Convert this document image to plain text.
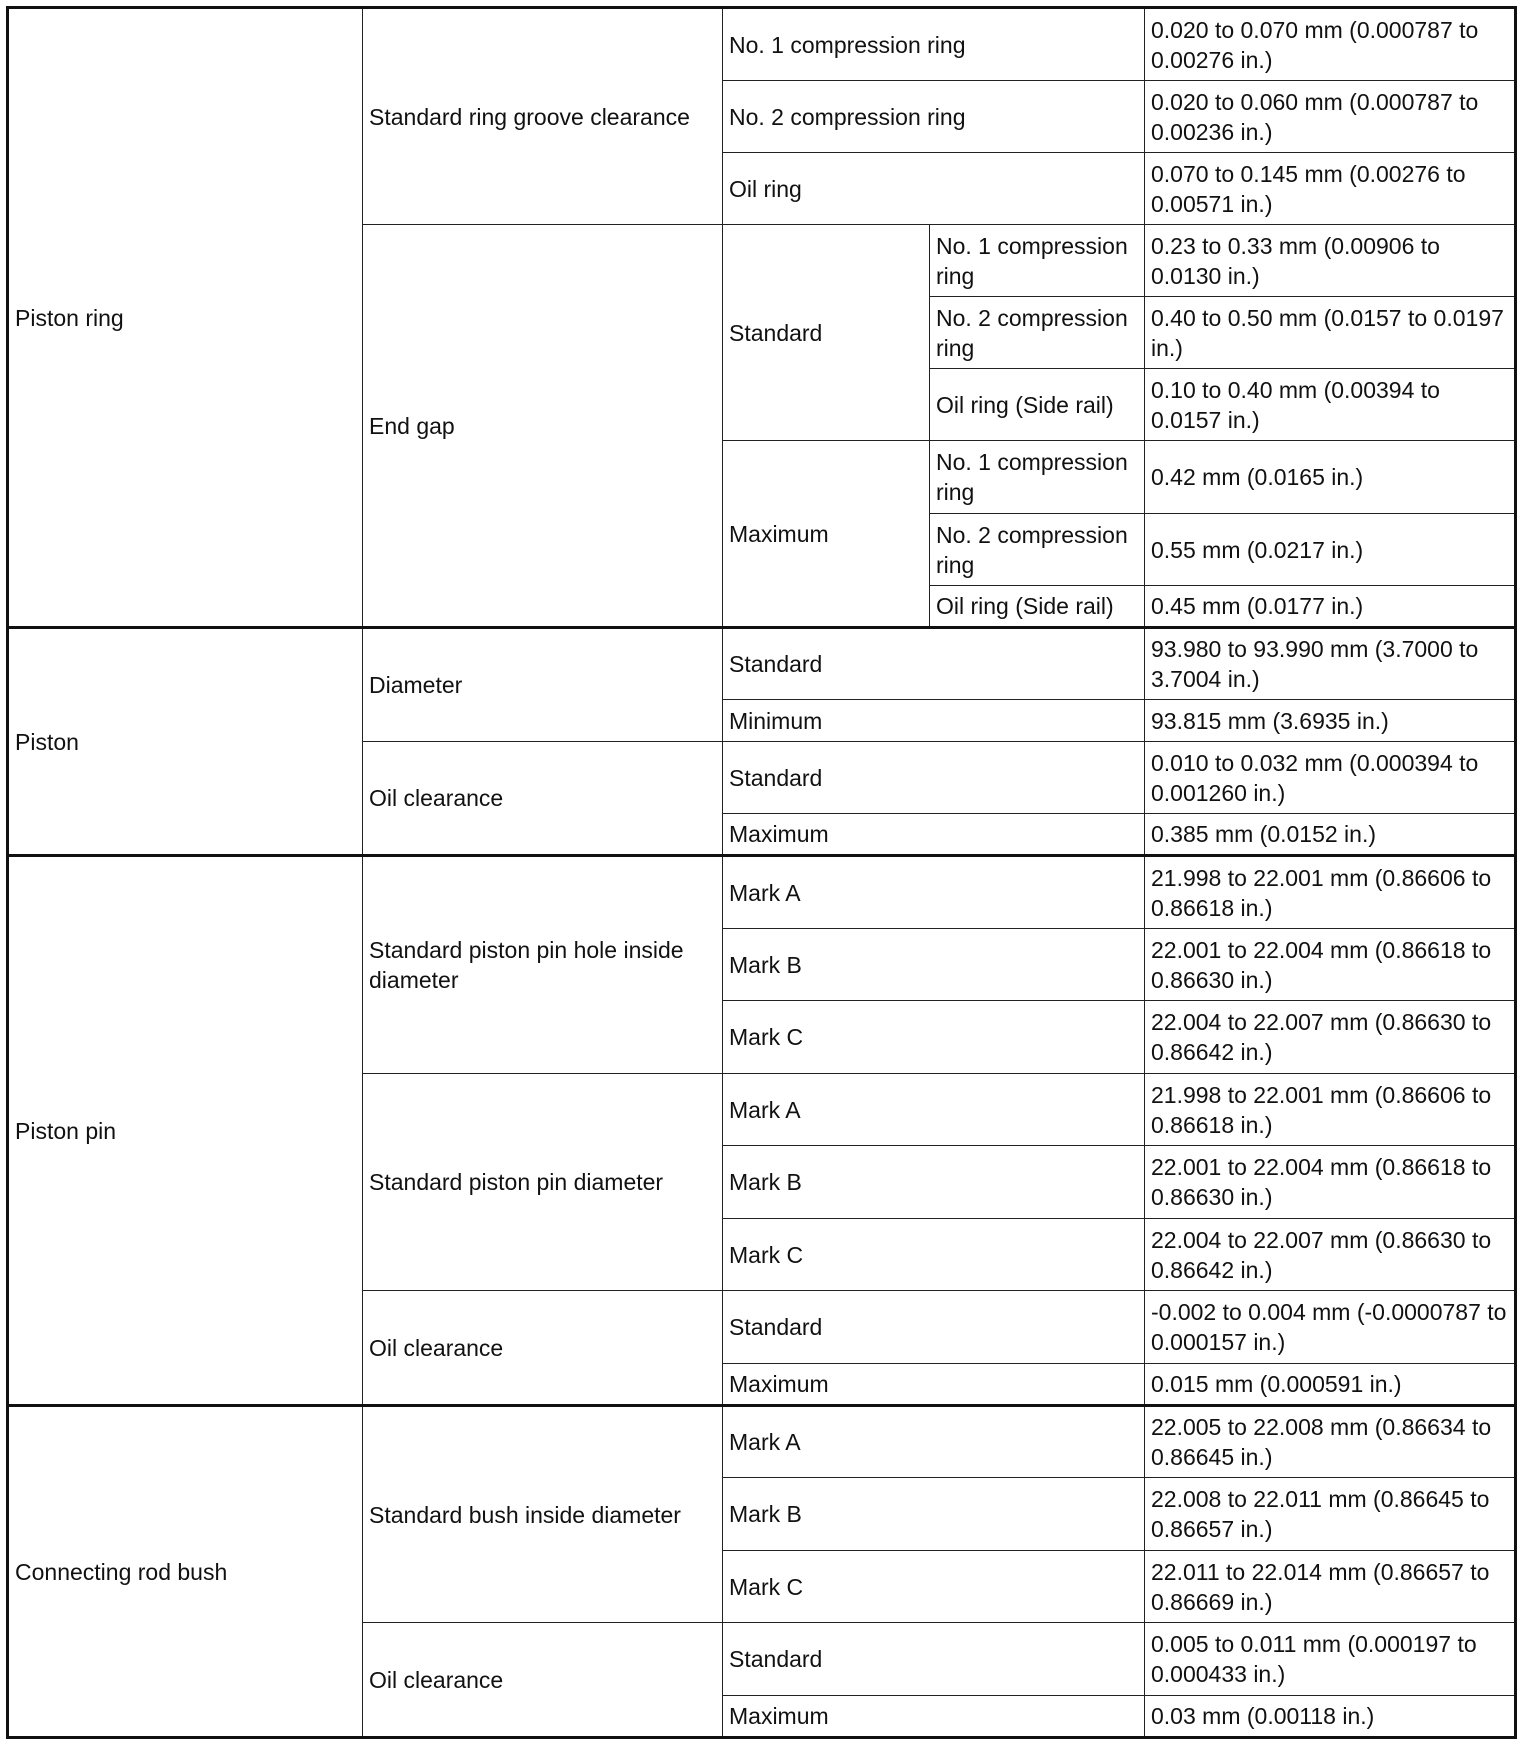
Piston ring	Standard ring groove clearance	No. 1 compression ring		0.020 to 0.070 mm (0.000787 to 0.00276 in.)
		No. 2 compression ring		0.020 to 0.060 mm (0.000787 to 0.00236 in.)
		Oil ring		0.070 to 0.145 mm (0.00276 to 0.00571 in.)
	End gap	Standard	No. 1 compression ring	0.23 to 0.33 mm (0.00906 to 0.0130 in.)
			No. 2 compression ring	0.40 to 0.50 mm (0.0157 to 0.0197 in.)
			Oil ring (Side rail)	0.10 to 0.40 mm (0.00394 to 0.0157 in.)
		Maximum	No. 1 compression ring	0.42 mm (0.0165 in.)
			No. 2 compression ring	0.55 mm (0.0217 in.)
			Oil ring (Side rail)	0.45 mm (0.0177 in.)
Piston	Diameter	Standard		93.980 to 93.990 mm (3.7000 to 3.7004 in.)
		Minimum		93.815 mm (3.6935 in.)
	Oil clearance	Standard		0.010 to 0.032 mm (0.000394 to 0.001260 in.)
		Maximum		0.385 mm (0.0152 in.)
Piston pin	Standard piston pin hole inside diameter	Mark A		21.998 to 22.001 mm (0.86606 to 0.86618 in.)
		Mark B		22.001 to 22.004 mm (0.86618 to 0.86630 in.)
		Mark C		22.004 to 22.007 mm (0.86630 to 0.86642 in.)
	Standard piston pin diameter	Mark A		21.998 to 22.001 mm (0.86606 to 0.86618 in.)
		Mark B		22.001 to 22.004 mm (0.86618 to 0.86630 in.)
		Mark C		22.004 to 22.007 mm (0.86630 to 0.86642 in.)
	Oil clearance	Standard		-0.002 to 0.004 mm (-0.0000787 to 0.000157 in.)
		Maximum		0.015 mm (0.000591 in.)
Connecting rod bush	Standard bush inside diameter	Mark A		22.005 to 22.008 mm (0.86634 to 0.86645 in.)
		Mark B		22.008 to 22.011 mm (0.86645 to 0.86657 in.)
		Mark C		22.011 to 22.014 mm (0.86657 to 0.86669 in.)
	Oil clearance	Standard		0.005 to 0.011 mm (0.000197 to 0.000433 in.)
		Maximum		0.03 mm (0.00118 in.)
